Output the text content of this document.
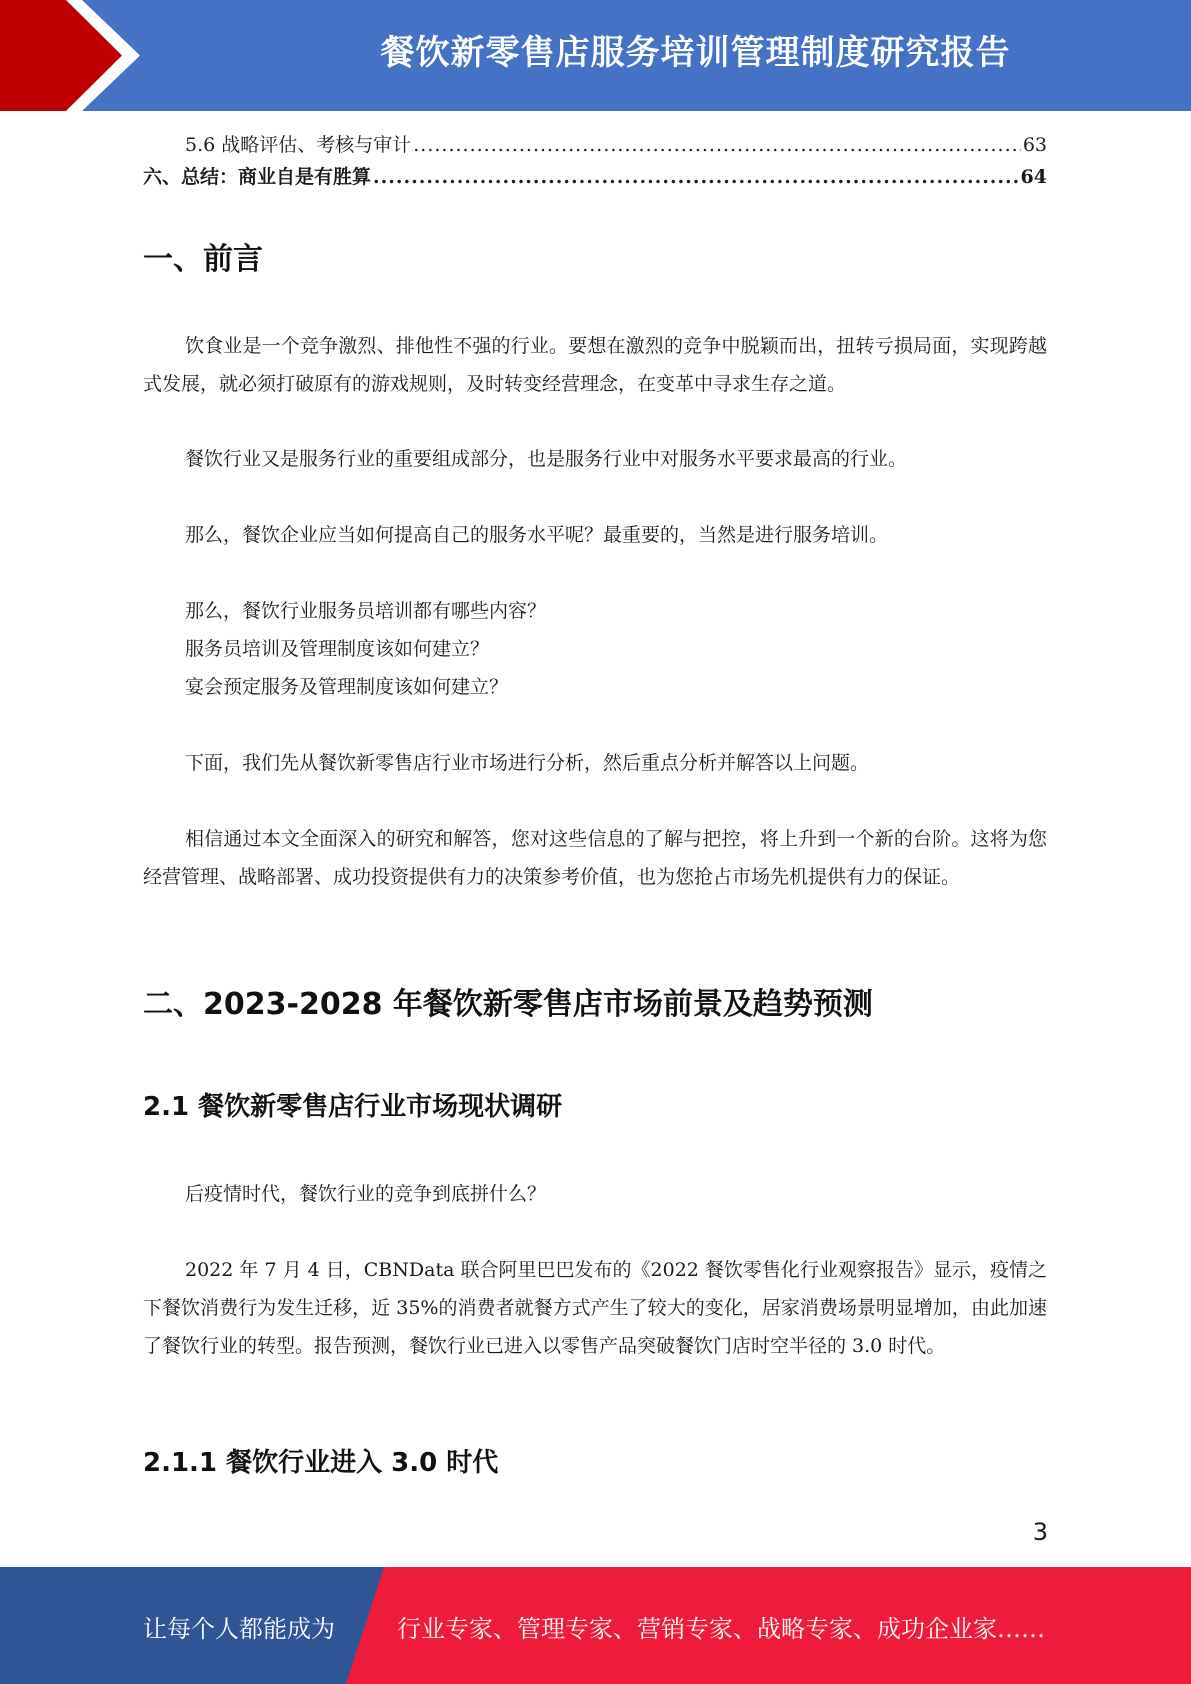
餐饮新零售店服务培训管理制度研究报告
5.6 战略评估、考核与审计 .....	63
六、总结：商业自是有胜算 .....	64
一、前言
饮食业是一个竞争激烈、排他性不强的行业。要想在激烈的竞争中脱颖而出，扭转亏损局面，实现跨越式发展，就必须打破原有的游戏规则，及时转变经营理念，在变革中寻求生存之道。
餐饮行业又是服务行业的重要组成部分，也是服务行业中对服务水平要求最高的行业。
那么，餐饮企业应当如何提高自己的服务水平呢？最重要的，当然是进行服务培训。
那么，餐饮行业服务员培训都有哪些内容？
服务员培训及管理制度该如何建立？
宴会预定服务及管理制度该如何建立？
下面，我们先从餐饮新零售店行业市场进行分析，然后重点分析并解答以上问题。
相信通过本文全面深入的研究和解答，您对这些信息的了解与把控，将上升到一个新的台阶。这将为您经营管理、战略部署、成功投资提供有力的决策参考价值，也为您抢占市场先机提供有力的保证。
二、2023-2028 年餐饮新零售店市场前景及趋势预测
2.1 餐饮新零售店行业市场现状调研
后疫情时代，餐饮行业的竞争到底拼什么？
2022 年 7 月 4 日，CBNData 联合阿里巴巴发布的《2022 餐饮零售化行业观察报告》显示，疫情之下餐饮消费行为发生迁移，近 35%的消费者就餐方式产生了较大的变化，居家消费场景明显增加，由此加速了餐饮行业的转型。报告预测，餐饮行业已进入以零售产品突破餐饮门店时空半径的 3.0 时代。
2.1.1 餐饮行业进入 3.0 时代
3
让每个人都能成为	行业专家、管理专家、营销专家、战略专家、成功企业家……
